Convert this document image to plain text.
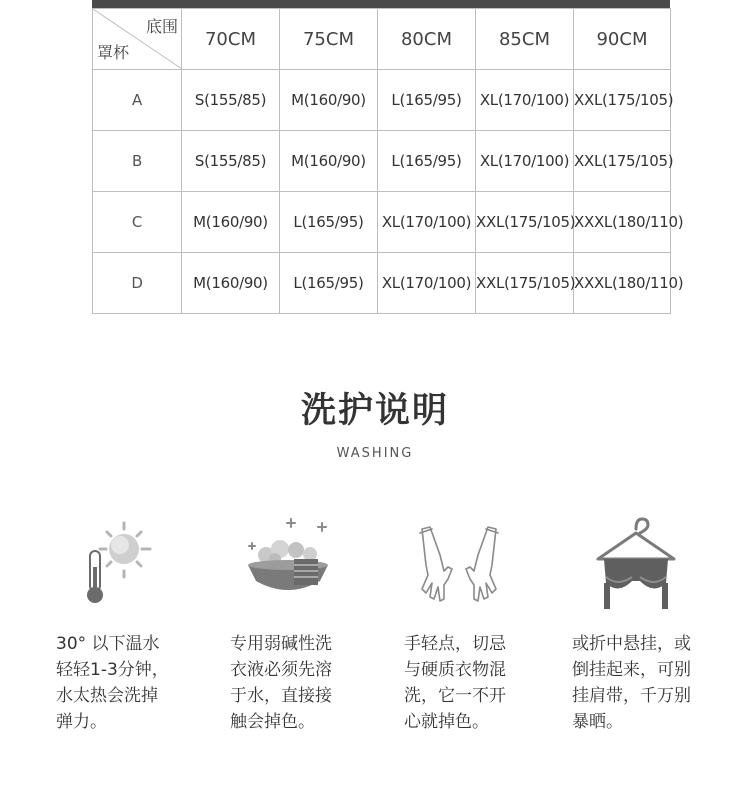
底围
罩杯	70CM	75CM	80CM	85CM	90CM
A	S(155/85)	M(160/90)	L(165/95)	XL(170/100)	XXL(175/105)
B	S(155/85)	M(160/90)	L(165/95)	XL(170/100)	XXL(175/105)
C	M(160/90)	L(165/95)	XL(170/100)	XXL(175/105)	XXXL(180/110)
D	M(160/90)	L(165/95)	XL(170/100)	XXL(175/105)	XXXL(180/110)
洗护说明
WASHING

30° 以下温水
轻轻1-3分钟，
水太热会洗掉
弹力。

专用弱碱性洗
衣液必须先溶
于水，直接接
触会掉色。

手轻点，切忌
与硬质衣物混
洗，它一不开
心就掉色。

或折中悬挂，或
倒挂起来，可别
挂肩带，千万别
暴晒。
